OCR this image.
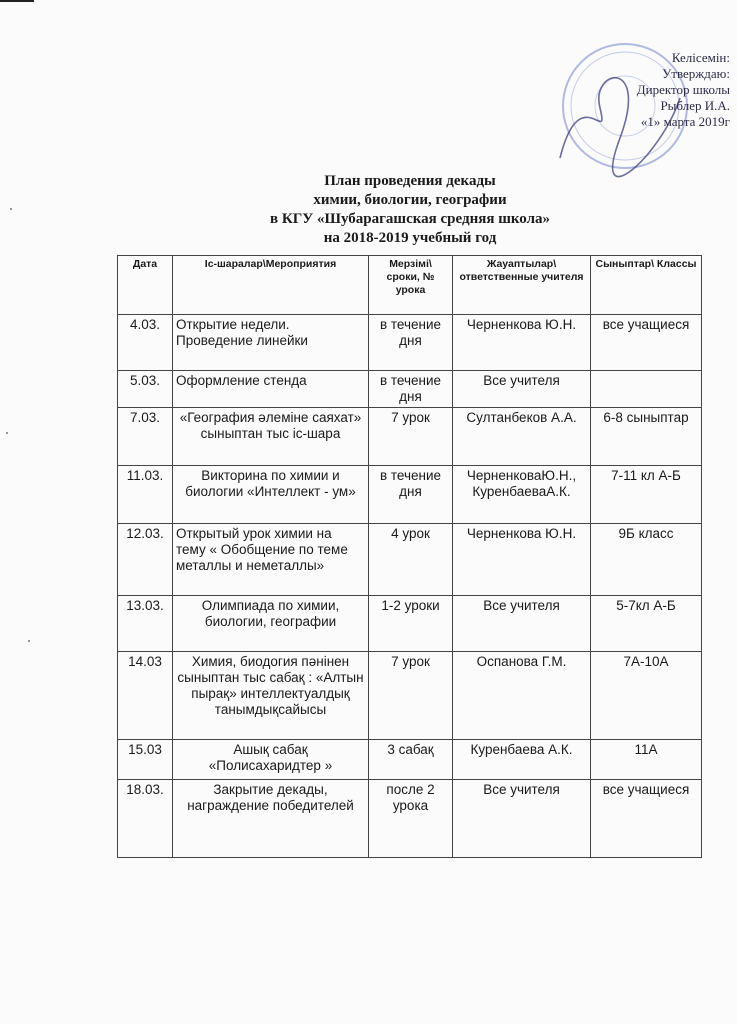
Келісемін:
Утверждаю:
Директор школы
Рыблер И.А.
«1» марта 2019г
План проведения декады
химии, биологии, географии
в КГУ «Шубарагашская средняя школа»
на 2018-2019 учебный год
Дата	Іс-шаралар\Мероприятия	Мерзімі\ сроки, № урока	Жауаптылар\ ответственные учителя	Сыныптар\ Классы
4.03.	Открытие недели. Проведение линейки	в течение дня	Черненкова Ю.Н.	все учащиеся
5.03.	Оформление стенда	в течение дня	Все учителя	
7.03.	«География әлеміне саяхат» сыныптан тыс іс-шара	7 урок	Султанбеков А.А.	6-8 сыныптар
11.03.	Викторина по химии и биологии «Интеллект - ум»	в течение дня	ЧерненковаЮ.Н., КуренбаеваА.К.	7-11 кл А-Б
12.03.	Открытый урок химии на тему « Обобщение по теме металлы и неметаллы»	4 урок	Черненкова Ю.Н.	9Б класс
13.03.	Олимпиада по химии, биологии, географии	1-2 уроки	Все учителя	5-7кл А-Б
14.03	Химия, биодогия пәнінен сыныптан тыс сабақ : «Алтын пырақ» интеллектуалдық танымдықсайысы	7 урок	Оспанова Г.М.	7А-10А
15.03	Ашық сабақ «Полисахаридтер »	3 сабақ	Куренбаева А.К.	11А
18.03.	Закрытие декады, награждение победителей	после 2 урока	Все учителя	все учащиеся
